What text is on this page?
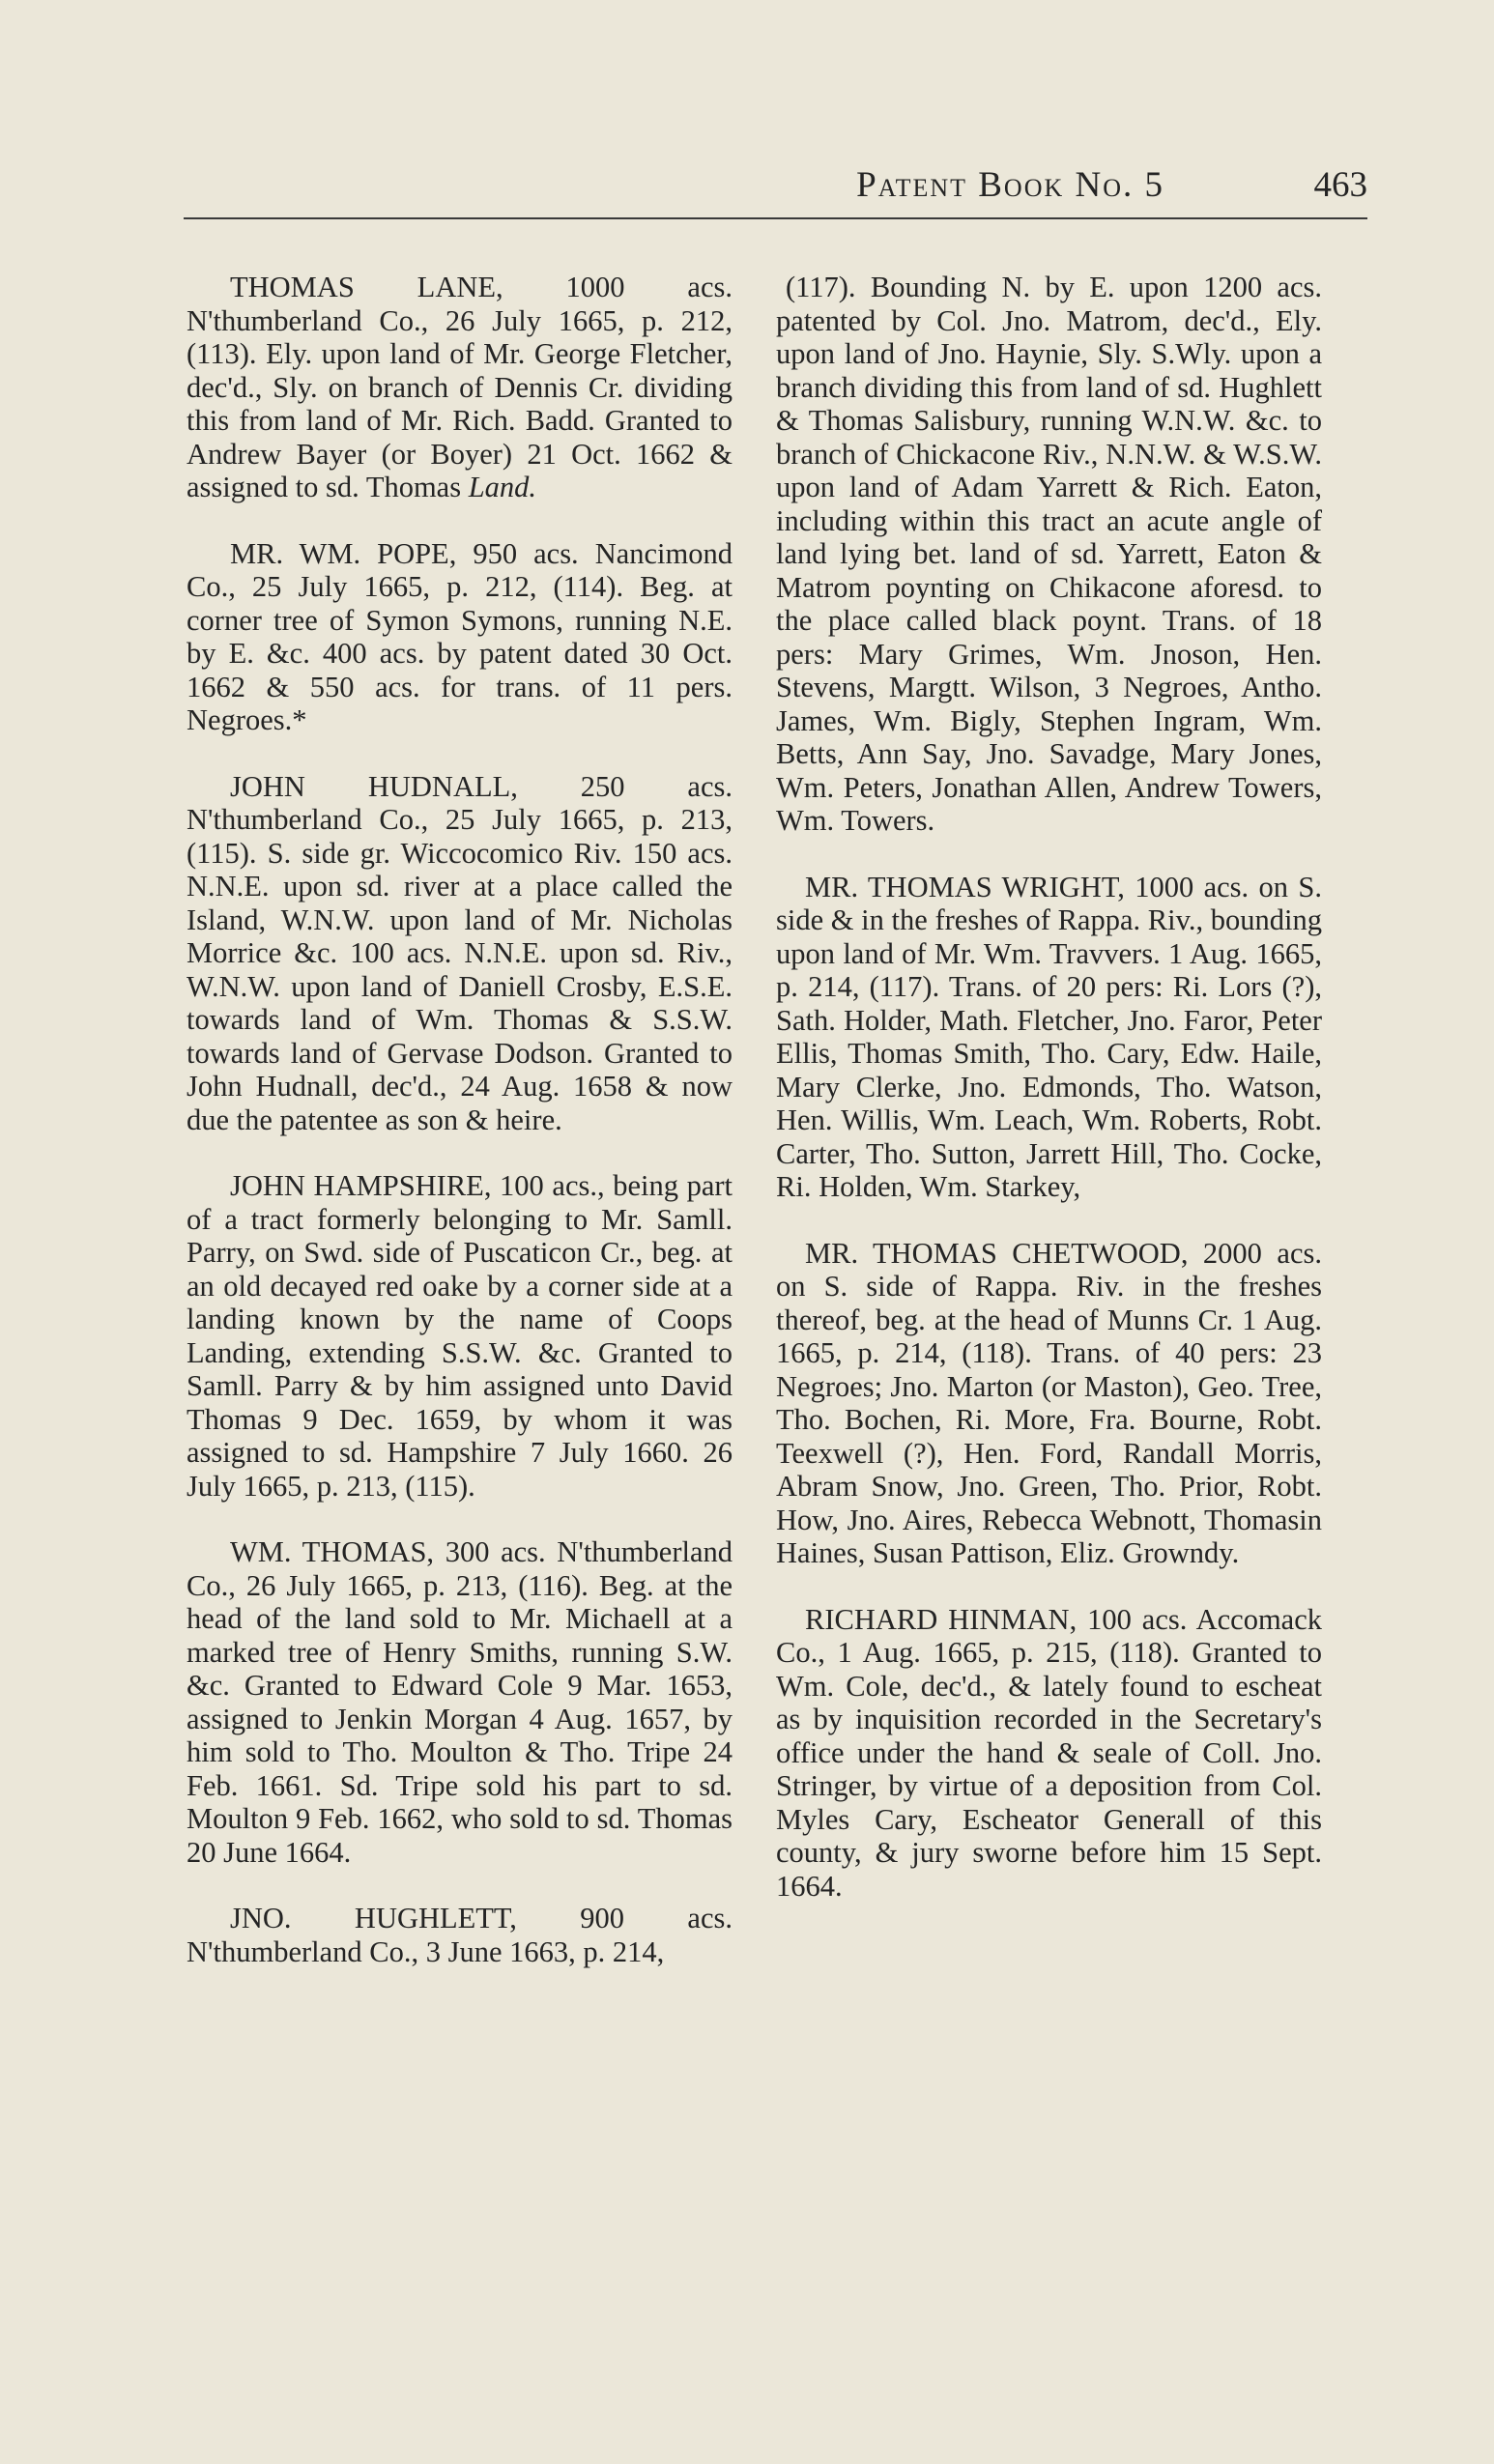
Patent Book No. 5	463

THOMAS LANE, 1000 acs. N'thumberland Co., 26 July 1665, p. 212, (113). Ely. upon land of Mr. George Fletcher, dec'd., Sly. on branch of Dennis Cr. dividing this from land of Mr. Rich. Badd. Granted to Andrew Bayer (or Boyer) 21 Oct. 1662 & assigned to sd. Thomas Land.

MR. WM. POPE, 950 acs. Nancimond Co., 25 July 1665, p. 212, (114). Beg. at corner tree of Symon Symons, running N.E. by E. &c. 400 acs. by patent dated 30 Oct. 1662 & 550 acs. for trans. of 11 pers. Negroes.*

JOHN HUDNALL, 250 acs. N'thumberland Co., 25 July 1665, p. 213, (115). S. side gr. Wiccocomico Riv. 150 acs. N.N.E. upon sd. river at a place called the Island, W.N.W. upon land of Mr. Nicholas Morrice &c. 100 acs. N.N.E. upon sd. Riv., W.N.W. upon land of Daniell Crosby, E.S.E. towards land of Wm. Thomas & S.S.W. towards land of Gervase Dodson. Granted to John Hudnall, dec'd., 24 Aug. 1658 & now due the patentee as son & heire.

JOHN HAMPSHIRE, 100 acs., being part of a tract formerly belonging to Mr. Samll. Parry, on Swd. side of Puscaticon Cr., beg. at an old decayed red oake by a corner side at a landing known by the name of Coops Landing, extending S.S.W. &c. Granted to Samll. Parry & by him assigned unto David Thomas 9 Dec. 1659, by whom it was assigned to sd. Hampshire 7 July 1660. 26 July 1665, p. 213, (115).

WM. THOMAS, 300 acs. N'thumberland Co., 26 July 1665, p. 213, (116). Beg. at the head of the land sold to Mr. Michaell at a marked tree of Henry Smiths, running S.W. &c. Granted to Edward Cole 9 Mar. 1653, assigned to Jenkin Morgan 4 Aug. 1657, by him sold to Tho. Moulton & Tho. Tripe 24 Feb. 1661. Sd. Tripe sold his part to sd. Moulton 9 Feb. 1662, who sold to sd. Thomas 20 June 1664.

JNO. HUGHLETT, 900 acs. N'thumberland Co., 3 June 1663, p. 214,

(117). Bounding N. by E. upon 1200 acs. patented by Col. Jno. Matrom, dec'd., Ely. upon land of Jno. Haynie, Sly. S.Wly. upon a branch dividing this from land of sd. Hughlett & Thomas Salisbury, running W.N.W. &c. to branch of Chickacone Riv., N.N.W. & W.S.W. upon land of Adam Yarrett & Rich. Eaton, including within this tract an acute angle of land lying bet. land of sd. Yarrett, Eaton & Matrom poynting on Chikacone aforesd. to the place called black poynt. Trans. of 18 pers: Mary Grimes, Wm. Jnoson, Hen. Stevens, Margtt. Wilson, 3 Negroes, Antho. James, Wm. Bigly, Stephen Ingram, Wm. Betts, Ann Say, Jno. Savadge, Mary Jones, Wm. Peters, Jonathan Allen, Andrew Towers, Wm. Towers.

MR. THOMAS WRIGHT, 1000 acs. on S. side & in the freshes of Rappa. Riv., bounding upon land of Mr. Wm. Travvers. 1 Aug. 1665, p. 214, (117). Trans. of 20 pers: Ri. Lors (?), Sath. Holder, Math. Fletcher, Jno. Faror, Peter Ellis, Thomas Smith, Tho. Cary, Edw. Haile, Mary Clerke, Jno. Edmonds, Tho. Watson, Hen. Willis, Wm. Leach, Wm. Roberts, Robt. Carter, Tho. Sutton, Jarrett Hill, Tho. Cocke, Ri. Holden, Wm. Starkey,

MR. THOMAS CHETWOOD, 2000 acs. on S. side of Rappa. Riv. in the freshes thereof, beg. at the head of Munns Cr. 1 Aug. 1665, p. 214, (118). Trans. of 40 pers: 23 Negroes; Jno. Marton (or Maston), Geo. Tree, Tho. Bochen, Ri. More, Fra. Bourne, Robt. Teexwell (?), Hen. Ford, Randall Morris, Abram Snow, Jno. Green, Tho. Prior, Robt. How, Jno. Aires, Rebecca Webnott, Thomasin Haines, Susan Pattison, Eliz. Growndy.

RICHARD HINMAN, 100 acs. Accomack Co., 1 Aug. 1665, p. 215, (118). Granted to Wm. Cole, dec'd., & lately found to escheat as by inquisition recorded in the Secretary's office under the hand & seale of Coll. Jno. Stringer, by virtue of a deposition from Col. Myles Cary, Escheator Generall of this county, & jury sworne before him 15 Sept. 1664.
